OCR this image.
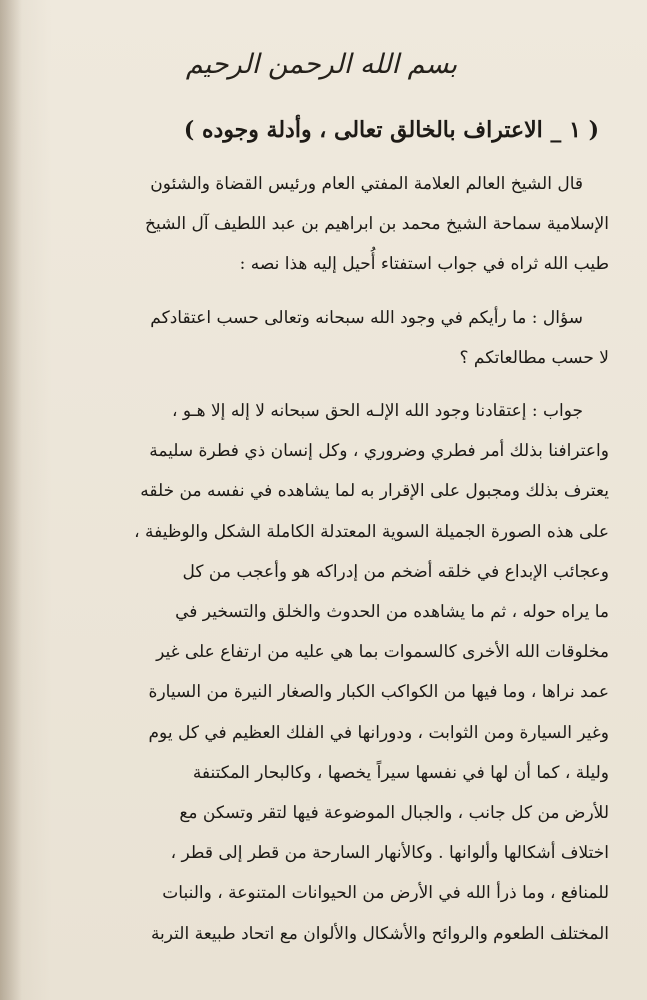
بسم الله الرحمن الرحيم
( ١ _ الاعتراف بالخالق تعالى ، وأدلة وجوده )
قال الشيخ العالم العلامة المفتي العام ورئيس القضاة والشئون
الإسلامية سماحة الشيخ محمد بن ابراهيم بن عبد اللطيف آل الشيخ
طيب الله ثراه في جواب استفتاء أُحيل إليه هذا نصه :
سؤال : ما رأيكم في وجود الله سبحانه وتعالى حسب اعتقادكم
لا حسب مطالعاتكم ؟
جواب : إعتقادنا وجود الله الإلـه الحق سبحانه لا إله إلا هـو ،
واعترافنا بذلك أمر فطري وضروري ، وكل إنسان ذي فطرة سليمة
يعترف بذلك ومجبول على الإقرار به لما يشاهده في نفسه من خلقه
على هذه الصورة الجميلة السوية المعتدلة الكاملة الشكل والوظيفة ،
وعجائب الإبداع في خلقه أضخم من إدراكه هو وأعجب من كل
ما يراه حوله ، ثم ما يشاهده من الحدوث والخلق والتسخير في
مخلوقات الله الأخرى كالسموات بما هي عليه من ارتفاع على غير
عمد نراها ، وما فيها من الكواكب الكبار والصغار النيرة من السيارة
وغير السيارة ومن الثوابت ، ودورانها في الفلك العظيم في كل يوم
وليلة ، كما أن لها في نفسها سيراً يخصها ، وكالبحار المكتنفة
للأرض من كل جانب ، والجبال الموضوعة فيها لتقر وتسكن مع
اختلاف أشكالها وألوانها . وكالأنهار السارحة من قطر إلى قطر ،
للمنافع ، وما ذرأ الله في الأرض من الحيوانات المتنوعة ، والنبات
المختلف الطعوم والروائح والأشكال والألوان مع اتحاد طبيعة التربة
